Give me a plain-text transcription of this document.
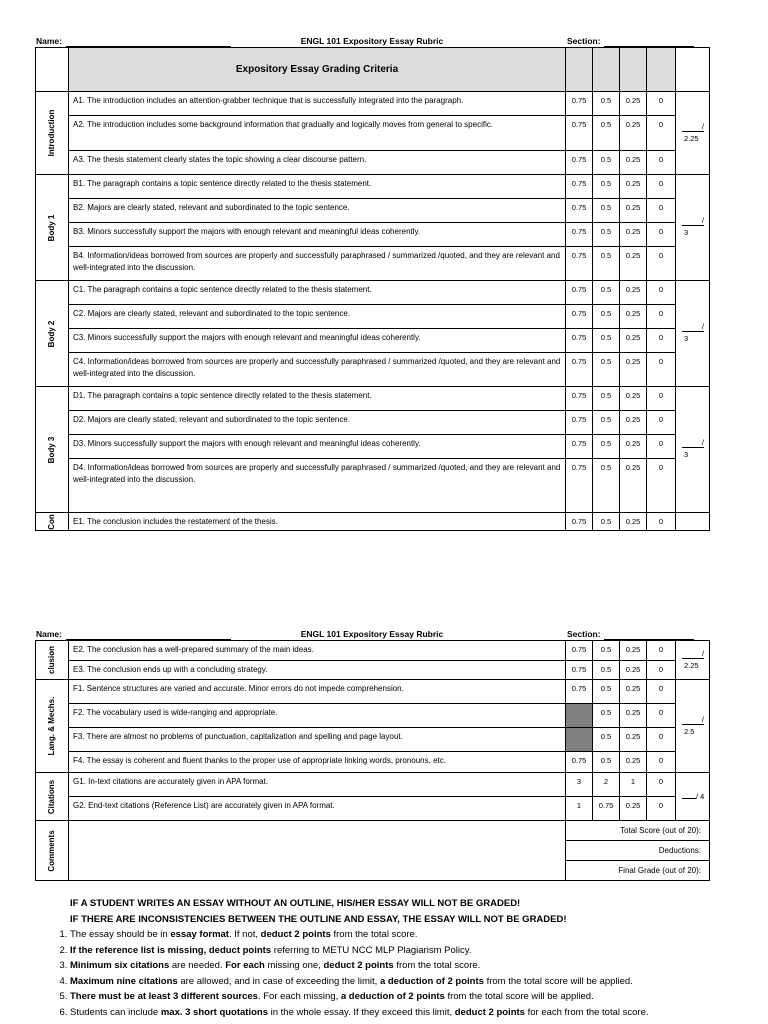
Name:	ENGL 101 Expository Essay Rubric	Section:
	Expository Essay Grading Criteria					

Introduction	A1. The introduction includes an attention-grabber technique that is successfully integrated into the paragraph.	0.75	0.5	0.25	0	/
2.25

	A2. The introduction includes some background information that gradually and logically moves from general to specific.	0.75	0.5	0.25	0	
	A3. The thesis statement clearly states the topic showing a clear discourse pattern.	0.75	0.5	0.25	0	

Body 1	B1. The paragraph contains a topic sentence directly related to the thesis statement.	0.75	0.5	0.25	0	/
3

	B2. Majors are clearly stated, relevant and subordinated to the topic sentence.	0.75	0.5	0.25	0	
	B3. Minors successfully support the majors with enough relevant and meaningful ideas coherently.	0.75	0.5	0.25	0	
	B4. Information/ideas borrowed from sources are properly and successfully paraphrased / summarized /quoted, and they are relevant and well-integrated into the discussion.	0.75	0.5	0.25	0	

Body 2	C1. The paragraph contains a topic sentence directly related to the thesis statement.	0.75	0.5	0.25	0	/
3

	C2. Majors are clearly stated, relevant and subordinated to the topic sentence.	0.75	0.5	0.25	0	
	C3. Minors successfully support the majors with enough relevant and meaningful ideas coherently.	0.75	0.5	0.25	0	
	C4. Information/ideas borrowed from sources are properly and successfully paraphrased / summarized /quoted, and they are relevant and well-integrated into the discussion.	0.75	0.5	0.25	0	

Body 3	D1. The paragraph contains a topic sentence directly related to the thesis statement.	0.75	0.5	0.25	0	/
3

	D2. Majors are clearly stated, relevant and subordinated to the topic sentence.	0.75	0.5	0.25	0	
	D3. Minors successfully support the majors with enough relevant and meaningful ideas coherently.	0.75	0.5	0.25	0	
	D4. Information/ideas borrowed from sources are properly and successfully paraphrased / summarized /quoted, and they are relevant and well-integrated into the discussion.	0.75	0.5	0.25	0	

Con	E1. The conclusion includes the restatement of the thesis.	0.75	0.5	0.25	0	
Name:	ENGL 101 Expository Essay Rubric	Section:
clusion	E2. The conclusion has a well-prepared summary of the main ideas.	0.75	0.5	0.25	0	/
2.25	

	E3. The conclusion ends up with a concluding strategy.	0.75	0.5	0.25	0		

Lang. & Mechs.	F1. Sentence structures are varied and accurate. Minor errors do not impede comprehension.	0.75	0.5	0.25	0	/
2.5	

	F2. The vocabulary used is wide-ranging and appropriate.		0.5	0.25	0		
	F3. There are almost no problems of punctuation, capitalization and spelling and page layout.		0.5	0.25	0		
	F4. The essay is coherent and fluent thanks to the proper use of appropriate linking words, pronouns, etc.	0.75	0.5	0.25	0		

Citations	G1. In-text citations are accurately given in APA format.	3	2	1	0	/ 4	

	G2. End-text citations (Reference List) are accurately given in APA format.	1	0.75	0.25	0		

Comments		Total Score (out of 20):					
		Deductions:					
		Final Grade (out of 20):					
IF A STUDENT WRITES AN ESSAY WITHOUT AN OUTLINE, HIS/HER ESSAY WILL NOT BE GRADED!
IF THERE ARE INCONSISTENCIES BETWEEN THE OUTLINE AND ESSAY, THE ESSAY WILL NOT BE GRADED!
1. The essay should be in essay format. If not, deduct 2 points from the total score.
2. If the reference list is missing, deduct points referring to METU NCC MLP Plagiarism Policy.
3. Minimum six citations are needed. For each missing one, deduct 2 points from the total score.
4. Maximum nine citations are allowed, and in case of exceeding the limit, a deduction of 2 points from the total score will be applied.
5. There must be at least 3 different sources. For each missing, a deduction of 2 points from the total score will be applied.
6. Students can include max. 3 short quotations in the whole essay. If they exceed this limit, deduct 2 points for each from the total score.
